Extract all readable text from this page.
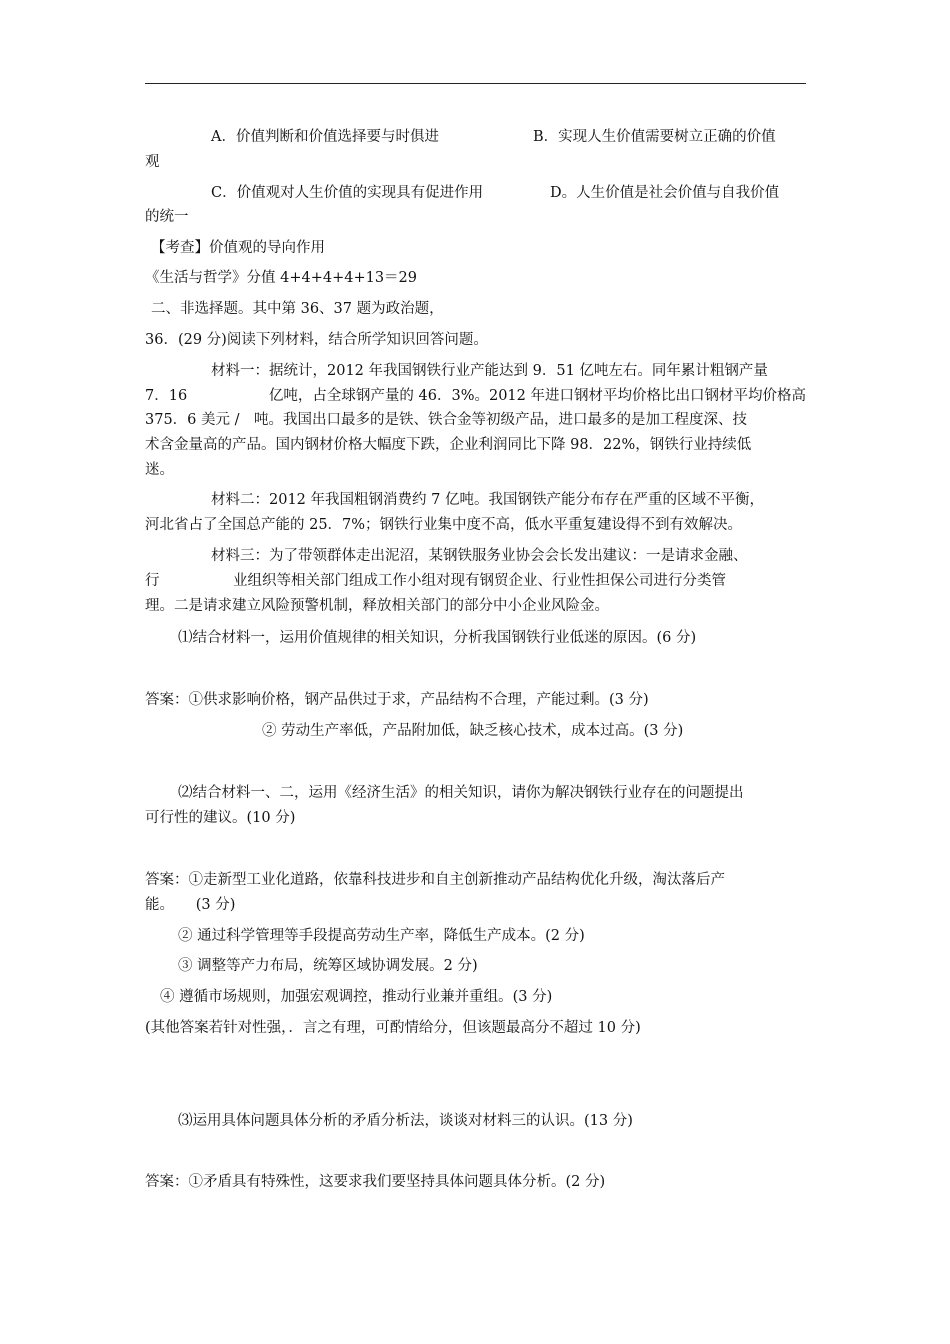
A．价值判断和价值选择要与时俱进	B．实现人生价值需要树立正确的价值
观
C．价值观对人生价值的实现具有促进作用	D。人生价值是社会价值与自我价值
的统一
【考查】价值观的导向作用
《生活与哲学》分值 4+4+4+4+13＝29
二、非选择题。其中第 36、37 题为政治题，
36．(29 分)阅读下列材料，结合所学知识回答问题。
材料一：据统计，2012 年我国钢铁行业产能达到 9．51 亿吨左右。同年累计粗钢产量
7．16	亿吨，占全球钢产量的 46．3%。2012 年进口钢材平均价格比出口钢材平均价格高
375．6 美元 /　吨。我国出口最多的是铁、铁合金等初级产品，进口最多的是加工程度深、技
术含金量高的产品。国内钢材价格大幅度下跌，企业利润同比下降 98．22%，钢铁行业持续低
迷。
材料二：2012 年我国粗钢消费约 7 亿吨。我国钢铁产能分布存在严重的区域不平衡，
河北省占了全国总产能的 25．7%；钢铁行业集中度不高，低水平重复建设得不到有效解决。
材料三：为了带领群体走出泥沼，某钢铁服务业协会会长发出建议：一是请求金融、
行	业组织等相关部门组成工作小组对现有钢贸企业、行业性担保公司进行分类管
理。二是请求建立风险预警机制，释放相关部门的部分中小企业风险金。
⑴结合材料一，运用价值规律的相关知识，分析我国钢铁行业低迷的原因。(6 分)
答案：①供求影响价格，钢产品供过于求，产品结构不合理，产能过剩。(3 分)
② 劳动生产率低，产品附加低，缺乏核心技术，成本过高。(3 分)
⑵结合材料一、二，运用《经济生活》的相关知识，请你为解决钢铁行业存在的问题提出
可行性的建议。(10 分)
答案：①走新型工业化道路，依靠科技进步和自主创新推动产品结构优化升级，淘汰落后产
能。　　(3 分)
② 通过科学管理等手段提高劳动生产率，降低生产成本。(2 分)
③ 调整等产力布局，统筹区域协调发展。2 分)
④ 遵循市场规则，加强宏观调控，推动行业兼并重组。(3 分)
(其他答案若针对性强，．言之有理，可酌情给分，但该题最高分不超过 10 分)
⑶运用具体问题具体分析的矛盾分析法，谈谈对材料三的认识。(13 分)
答案：①矛盾具有特殊性，这要求我们要坚持具体问题具体分析。(2 分)
